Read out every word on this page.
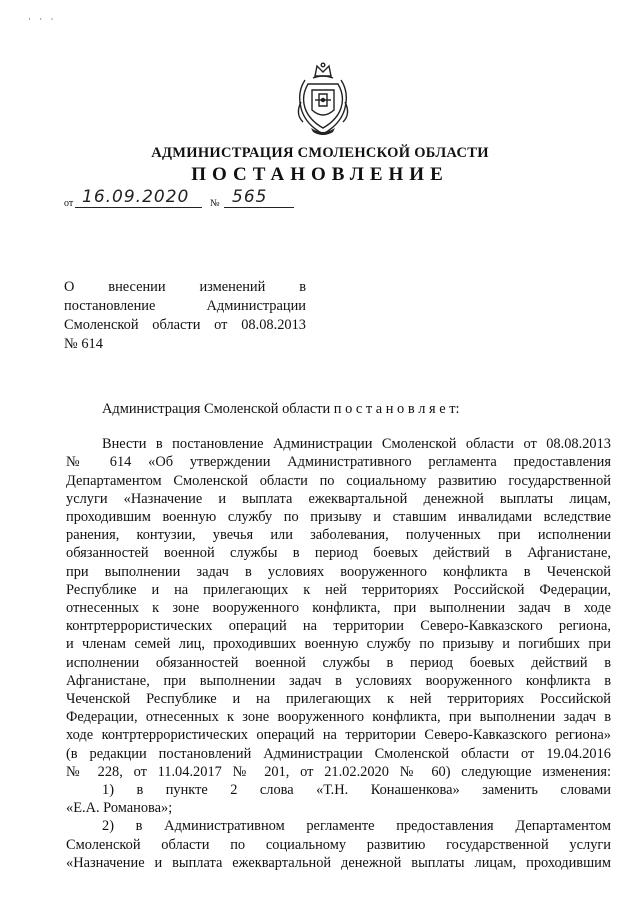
· · ·
АДМИНИСТРАЦИЯ СМОЛЕНСКОЙ ОБЛАСТИ
ПОСТАНОВЛЕНИЕ
от 16.09.2020 № 565
О внесении изменений в
постановление Администрации
Смоленской области от 08.08.2013
№ 614
Администрация Смоленской области п о с т а н о в л я е т:
Внести в постановление Администрации Смоленской области от 08.08.2013
№ 614 «Об утверждении Административного регламента предоставления
Департаментом Смоленской области по социальному развитию государственной
услуги «Назначение и выплата ежеквартальной денежной выплаты лицам,
проходившим военную службу по призыву и ставшим инвалидами вследствие
ранения, контузии, увечья или заболевания, полученных при исполнении
обязанностей военной службы в период боевых действий в Афганистане,
при выполнении задач в условиях вооруженного конфликта в Чеченской
Республике и на прилегающих к ней территориях Российской Федерации,
отнесенных к зоне вооруженного конфликта, при выполнении задач в ходе
контртеррористических операций на территории Северо-Кавказского региона,
и членам семей лиц, проходивших военную службу по призыву и погибших при
исполнении обязанностей военной службы в период боевых действий в
Афганистане, при выполнении задач в условиях вооруженного конфликта в
Чеченской Республике и на прилегающих к ней территориях Российской
Федерации, отнесенных к зоне вооруженного конфликта, при выполнении задач в
ходе контртеррористических операций на территории Северо-Кавказского региона»
(в редакции постановлений Администрации Смоленской области от 19.04.2016
№ 228, от 11.04.2017 № 201, от 21.02.2020 № 60) следующие изменения:
1) в пункте 2 слова «Т.Н. Конашенкова» заменить словами
«Е.А. Романова»;
2) в Административном регламенте предоставления Департаментом
Смоленской области по социальному развитию государственной услуги
«Назначение и выплата ежеквартальной денежной выплаты лицам, проходившим
